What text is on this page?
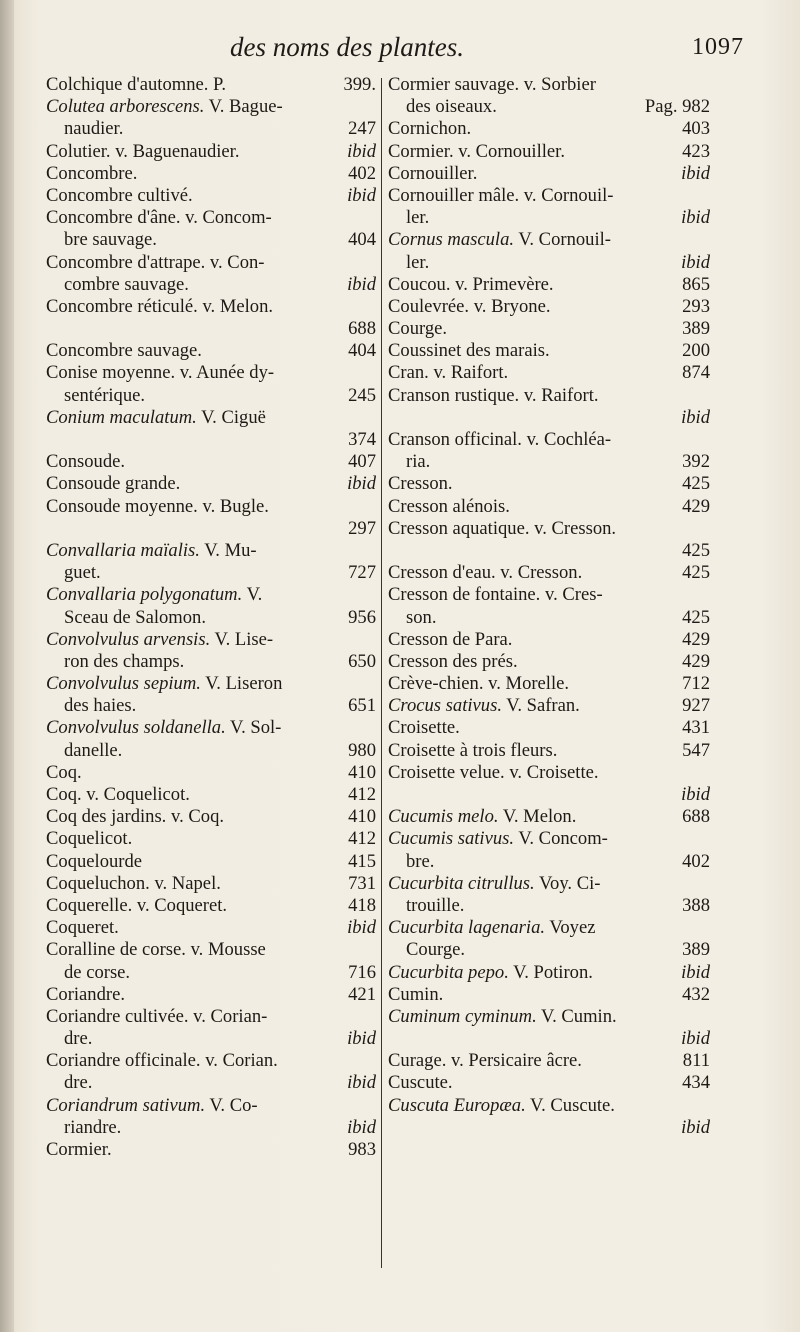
des noms des plantes.	1097
Colchique d'automne. P.	399.
Colutea arborescens. V. Bague-
naudier.	247
Colutier. v. Baguenaudier.	ibid
Concombre.	402
Concombre cultivé.	ibid
Concombre d'âne. v. Concom-
bre sauvage.	404
Concombre d'attrape. v. Con-
combre sauvage.	ibid
Concombre réticulé. v. Melon.
688
Concombre sauvage.	404
Conise moyenne. v. Aunée dy-
sentérique.	245
Conium maculatum. V. Ciguë
374
Consoude.	407
Consoude grande.	ibid
Consoude moyenne. v. Bugle.
297
Convallaria maïalis. V. Mu-
guet.	727
Convallaria polygonatum. V.
Sceau de Salomon.	956
Convolvulus arvensis. V. Lise-
ron des champs.	650
Convolvulus sepium. V. Liseron
des haies.	651
Convolvulus soldanella. V. Sol-
danelle.	980
Coq.	410
Coq. v. Coquelicot.	412
Coq des jardins. v. Coq.	410
Coquelicot.	412
Coquelourde	415
Coqueluchon. v. Napel.	731
Coquerelle. v. Coqueret.	418
Coqueret.	ibid
Coralline de corse. v. Mousse
de corse.	716
Coriandre.	421
Coriandre cultivée. v. Corian-
dre.	ibid
Coriandre officinale. v. Corian.
dre.	ibid
Coriandrum sativum. V. Co-
riandre.	ibid
Cormier.	983
Cormier sauvage. v. Sorbier
des oiseaux.	Pag. 982
Cornichon.	403
Cormier. v. Cornouiller.	423
Cornouiller.	ibid
Cornouiller mâle. v. Cornouil-
ler.	ibid
Cornus mascula. V. Cornouil-
ler.	ibid
Coucou. v. Primevère.	865
Coulevrée. v. Bryone.	293
Courge.	389
Coussinet des marais.	200
Cran. v. Raifort.	874
Cranson rustique. v. Raifort.
ibid
Cranson officinal. v. Cochléa-
ria.	392
Cresson.	425
Cresson alénois.	429
Cresson aquatique. v. Cresson.
425
Cresson d'eau. v. Cresson.	425
Cresson de fontaine. v. Cres-
son.	425
Cresson de Para.	429
Cresson des prés.	429
Crève-chien. v. Morelle.	712
Crocus sativus. V. Safran.	927
Croisette.	431
Croisette à trois fleurs.	547
Croisette velue. v. Croisette.
ibid
Cucumis melo. V. Melon.	688
Cucumis sativus. V. Concom-
bre.	402
Cucurbita citrullus. Voy. Ci-
trouille.	388
Cucurbita lagenaria. Voyez
Courge.	389
Cucurbita pepo. V. Potiron.	ibid
Cumin.	432
Cuminum cyminum. V. Cumin.
ibid
Curage. v. Persicaire âcre.	811
Cuscute.	434
Cuscuta Europæa. V. Cuscute.
ibid
